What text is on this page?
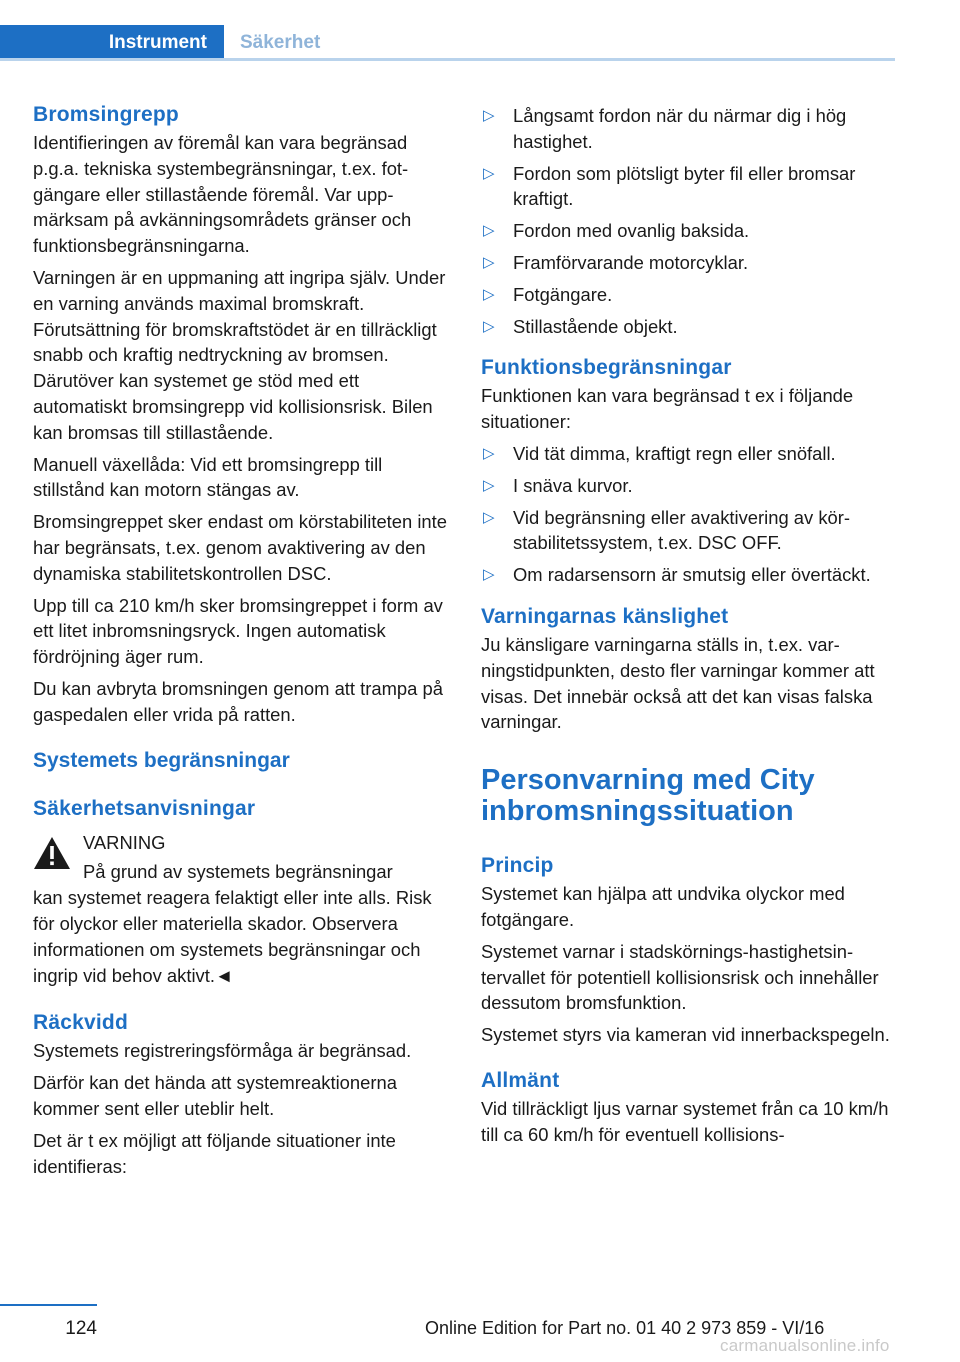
Instrument	Säkerhet
Bromsingrepp

Identifieringen av föremål kan vara begränsad p.g.a. tekniska systembegränsningar, t.ex. fotgängare eller stillastående föremål. Var uppmärksam på avkänningsområdets gränser och funktionsbegränsningarna.

Varningen är en uppmaning att ingripa själv. Under en varning används maximal bromskraft. Förutsättning för bromskraftstödet är en tillräckligt snabb och kraftig nedtryckning av bromsen. Därutöver kan systemet ge stöd med ett automatiskt bromsingrepp vid kollisionsrisk. Bilen kan bromsas till stillastående.

Manuell växellåda: Vid ett bromsingrepp till stillstånd kan motorn stängas av.

Bromsingreppet sker endast om körstabiliteten inte har begränsats, t.ex. genom avaktivering av den dynamiska stabilitetskontrollen DSC.

Upp till ca 210 km/h sker bromsingreppet i form av ett litet inbromsningsryck. Ingen automatisk fördröjning äger rum.

Du kan avbryta bromsningen genom att trampa på gaspedalen eller vrida på ratten.

Systemets begränsningar
Säkerhetsanvisningar

VARNING

På grund av systemets begränsningar

kan systemet reagera felaktigt eller inte alls. Risk för olyckor eller materiella skador. Observera informationen om systemets begränsningar och ingrip vid behov aktivt.◄

Räckvidd

Systemets registreringsförmåga är begränsad.

Därför kan det hända att systemreaktionerna kommer sent eller uteblir helt.

Det är t ex möjligt att följande situationer inte identifieras:

▷ Långsamt fordon när du närmar dig i hög hastighet.
▷ Fordon som plötsligt byter fil eller bromsar kraftigt.
▷ Fordon med ovanlig baksida.
▷ Framförvarande motorcyklar.
▷ Fotgängare.
▷ Stillastående objekt.
Funktionsbegränsningar

Funktionen kan vara begränsad t ex i följande situationer:

▷ Vid tät dimma, kraftigt regn eller snöfall.
▷ I snäva kurvor.
▷ Vid begränsning eller avaktivering av körstabilitetssystem, t.ex. DSC OFF.
▷ Om radarsensorn är smutsig eller övertäckt.
Varningarnas känslighet

Ju känsligare varningarna ställs in, t.ex. varningstidpunkten, desto fler varningar kommer att visas. Det innebär också att det kan visas falska varningar.

Personvarning med City inbromsningssituation
Princip

Systemet kan hjälpa att undvika olyckor med fotgängare.

Systemet varnar i stadskörnings-hastighetsintervallet för potentiell kollisionsrisk och innehåller dessutom bromsfunktion.

Systemet styrs via kameran vid innerbackspegeln.

Allmänt

Vid tillräckligt ljus varnar systemet från ca 10 km/h till ca 60 km/h för eventuell kollisions-

124	Online Edition for Part no. 01 40 2 973 859 - VI/16
carmanualsonline.info
